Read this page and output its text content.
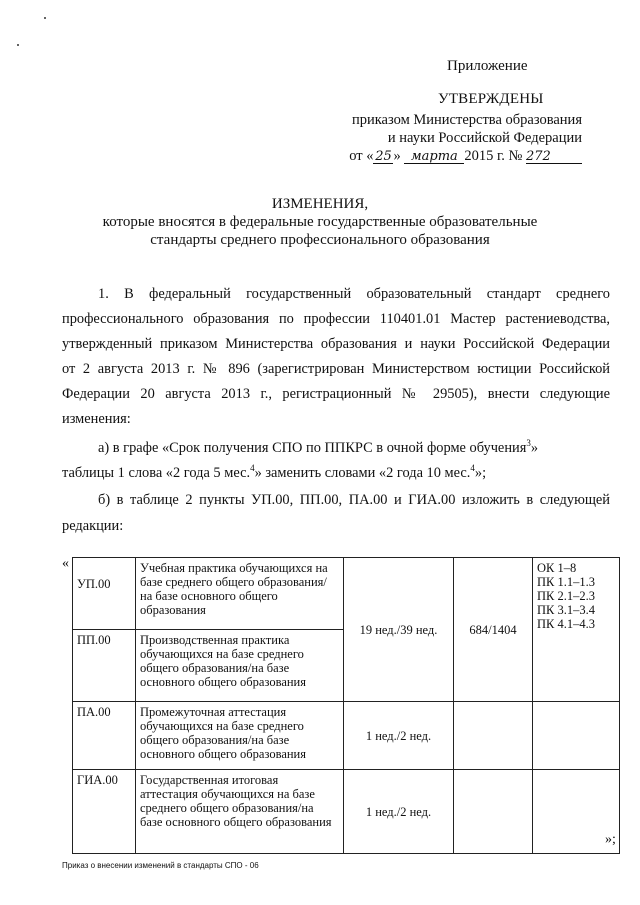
Приложение
УТВЕРЖДЕНЫ
приказом Министерства образования
и науки Российской Федерации
от « 25 » марта 2015 г. № 272
ИЗМЕНЕНИЯ,
которые вносятся в федеральные государственные образовательные
стандарты среднего профессионального образования
1. В федеральный государственный образовательный стандарт среднего
профессионального образования по профессии 110401.01 Мастер растениеводства,
утвержденный приказом Министерства образования и науки Российской Федерации
от 2 августа 2013 г. № 896 (зарегистрирован Министерством юстиции Российской
Федерации 20 августа 2013 г., регистрационный № 29505), внести следующие
изменения:
а) в графе «Срок получения СПО по ППКРС в очной форме обучения$^3$»
таблицы 1 слова «2 года 5 мес.$^4$» заменить словами «2 года 10 мес.$^4$»;
б) в таблице 2 пункты УП.00, ПП.00, ПА.00 и ГИА.00 изложить в следующей
редакции:
«
УП.00	Учебная практика обучающихся на базе среднего общего образования/на базе основного общего образования	19 нед./39 нед.	684/1404	ОК 1–8
ПК 1.1–1.3
ПК 2.1–2.3
ПК 3.1–3.4
ПК 4.1–4.3

ПП.00	Производственная практика обучающихся на базе среднего общего образования/на базе основного общего образования			
ПА.00	Промежуточная аттестация обучающихся на базе среднего общего образования/на базе основного общего образования	1 нед./2 нед.		
ГИА.00	Государственная итоговая аттестация обучающихся на базе среднего общего образования/на базе основного общего образования	1 нед./2 нед.		
»;
Приказ о внесении изменений в стандарты СПО - 06
